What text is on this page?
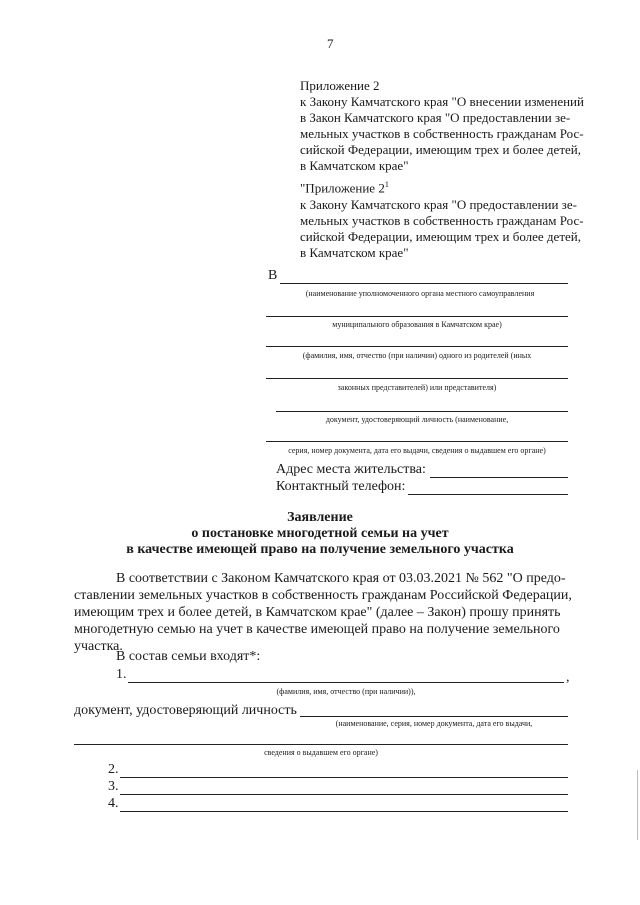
7
Приложение 2
к Закону Камчатского края "О внесении изменений
в Закон Камчатского края "О предоставлении зе-
мельных участков в собственность гражданам Рос-
сийской Федерации, имеющим трех и более детей,
в Камчатском крае"
"Приложение $2^1$
к Закону Камчатского края "О предоставлении зе-
мельных участков в собственность гражданам Рос-
сийской Федерации, имеющим трех и более детей,
в Камчатском крае"
В
(наименование уполномоченного органа местного самоуправления
муниципального образования в Камчатском крае)
(фамилия, имя, отчество (при наличии) одного из родителей (иных
законных представителей) или представителя)
документ, удостоверяющий личность (наименование,
серия, номер документа, дата его выдачи, сведения о выдавшем его органе)
Адрес места жительства:
Контактный телефон:
Заявление
о постановке многодетной семьи на учет
в качестве имеющей право на получение земельного участка
В соответствии с Законом Камчатского края от 03.03.2021 № 562 "О предо-
ставлении земельных участков в собственность гражданам Российской Федерации,
имеющим трех и более детей, в Камчатском крае" (далее – Закон) прошу принять
многодетную семью на учет в качестве имеющей право на получение земельного
участка.
В состав семьи входят*:
1.	,
(фамилия, имя, отчество (при наличии)),
документ, удостоверяющий личность
(наименование, серия, номер документа, дата его выдачи,
сведения о выдавшем его органе)
2.
3.
4.
